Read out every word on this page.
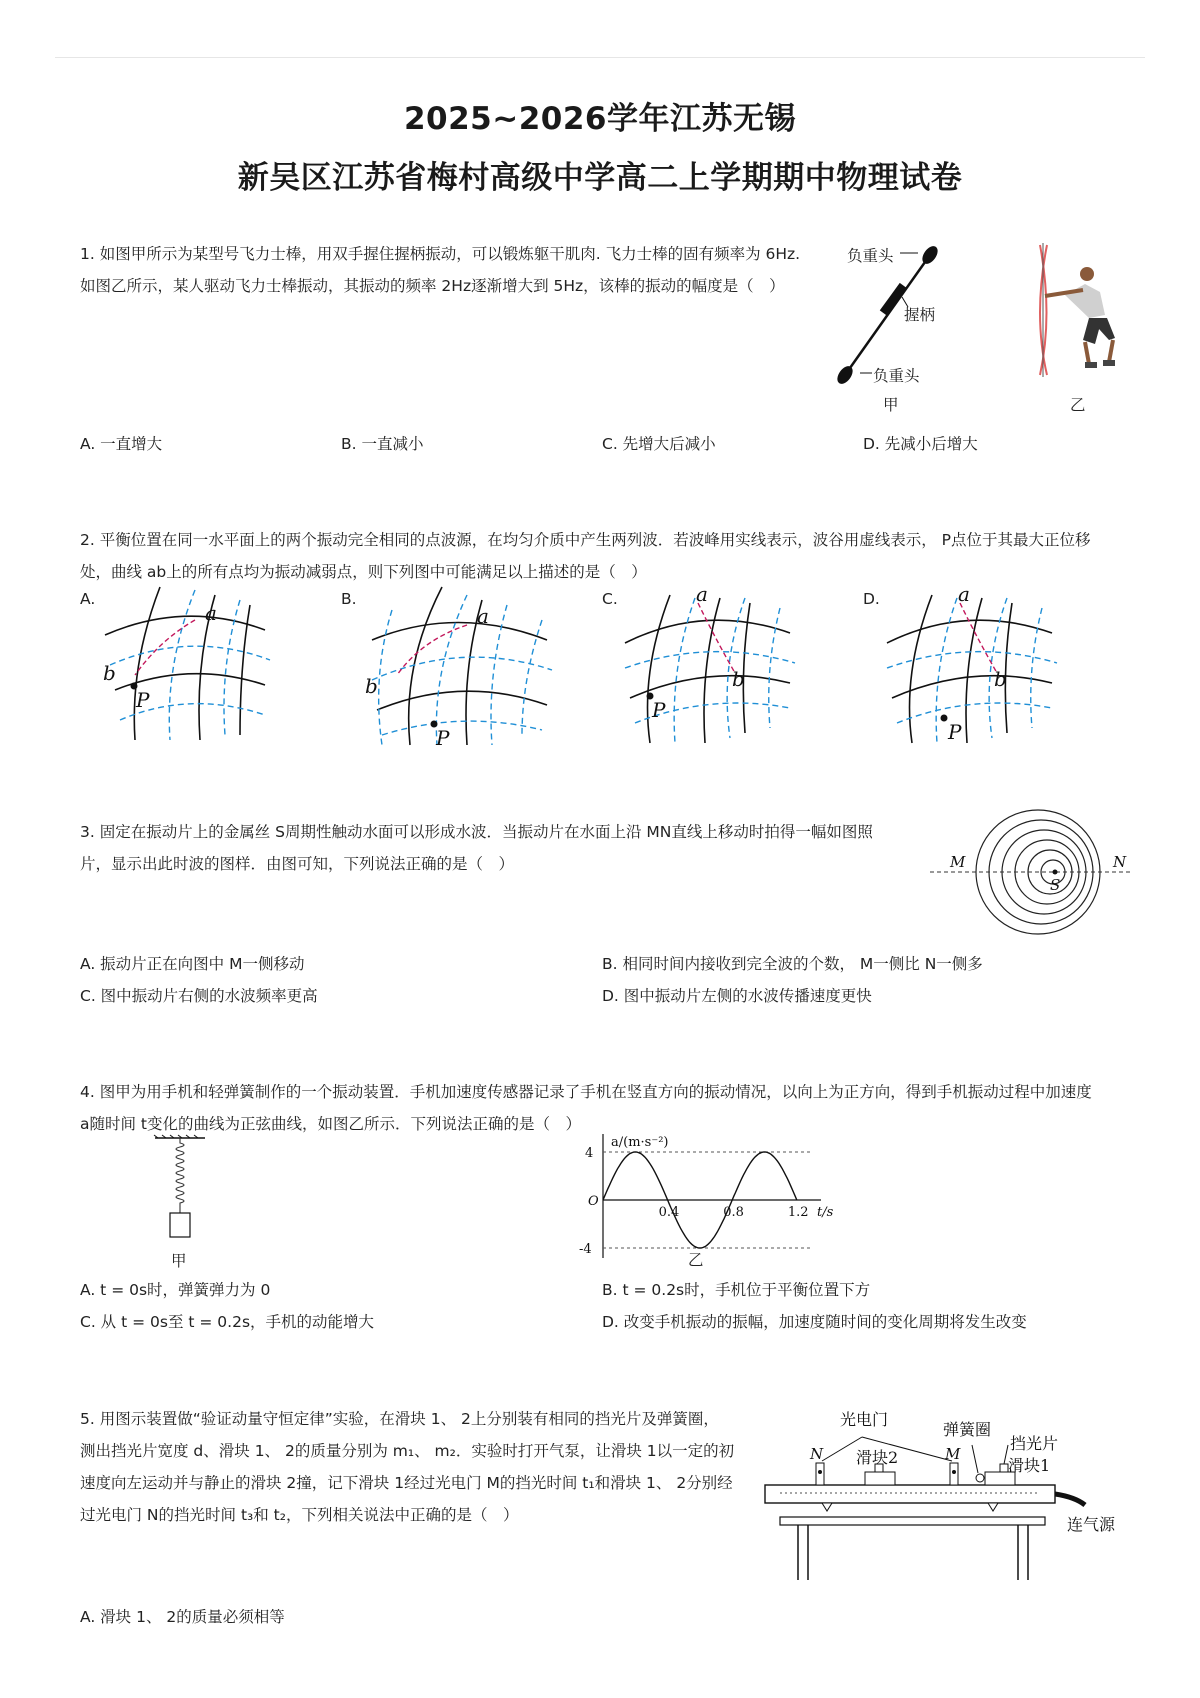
2025~2026学年江苏无锡
新吴区江苏省梅村高级中学高二上学期期中物理试卷
1. 如图甲所示为某型号飞力士棒，用双手握住握柄振动，可以锻炼躯干肌肉. 飞力士棒的固有频率为 6Hz.
如图乙所示，某人驱动飞力士棒振动，其振动的频率 2Hz逐渐增大到 5Hz，该棒的振动的幅度是（　）
负重头
握柄
负重头
甲	乙
A. 一直增大	B. 一直减小	C. 先增大后减小	D. 先减小后增大
2. 平衡位置在同一水平面上的两个振动完全相同的点波源，在均匀介质中产生两列波．若波峰用实线表示，波谷用虚线表示， P点位于其最大正位移
处，曲线 ab上的所有点均为振动减弱点，则下列图中可能满足以上描述的是（　）
A.	B.	C.	D.
a
b
P
a
b
P
a
b
P
a
b
P
3. 固定在振动片上的金属丝 S周期性触动水面可以形成水波．当振动片在水面上沿 MN直线上移动时拍得一幅如图照
片，显示出此时波的图样．由图可知，下列说法正确的是（　）	M	N
S
A. 振动片正在向图中 M一侧移动	B. 相同时间内接收到完全波的个数， M一侧比 N一侧多
C. 图中振动片右侧的水波频率更高	D. 图中振动片左侧的水波传播速度更快
4. 图甲为用手机和轻弹簧制作的一个振动装置．手机加速度传感器记录了手机在竖直方向的振动情况，以向上为正方向，得到手机振动过程中加速度
a随时间 t变化的曲线为正弦曲线，如图乙所示．下列说法正确的是（　）
甲
0.4	0.8	1.2
4
-4
O
t/s
a/(m·s⁻²)
乙
A. t = 0s时，弹簧弹力为 0	B. t = 0.2s时，手机位于平衡位置下方
C. 从 t = 0s至 t = 0.2s，手机的动能增大	D. 改变手机振动的振幅，加速度随时间的变化周期将发生改变
5. 用图示装置做“验证动量守恒定律”实验，在滑块 1、 2上分别装有相同的挡光片及弹簧圈，
测出挡光片宽度 d、滑块 1、 2的质量分别为 m₁、 m₂．实验时打开气泵，让滑块 1以一定的初
速度向左运动并与静止的滑块 2撞，记下滑块 1经过光电门 M的挡光时间 t₁和滑块 1、 2分别经
过光电门 N的挡光时间 t₃和 t₂，下列相关说法中正确的是（　）
光电门
弹簧圈
挡光片
滑块2	滑块1
连气源
N	M
A. 滑块 1、 2的质量必须相等
